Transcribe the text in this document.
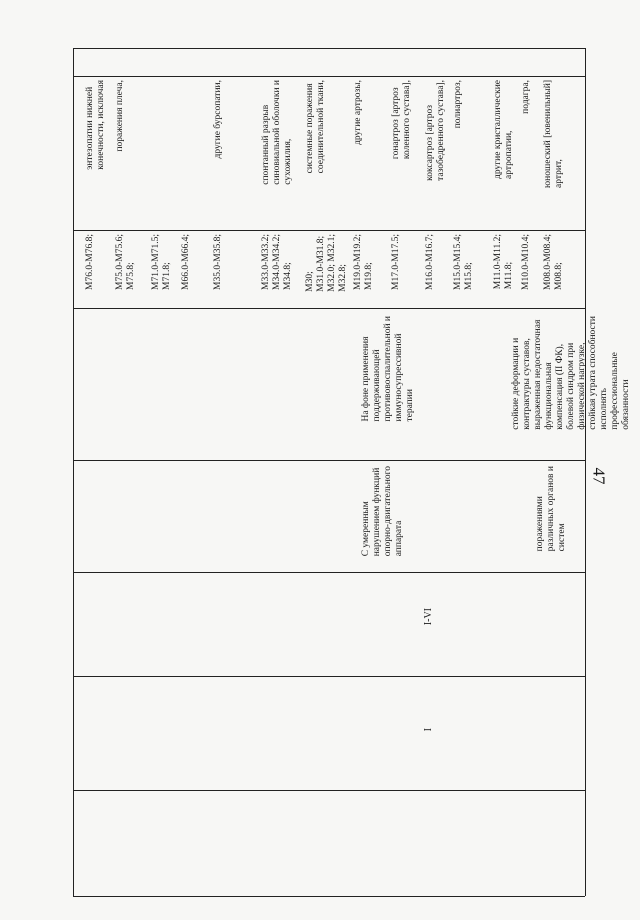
47
юношеский [ювенильный] артрит,
М08.0-М08.4; М08.8;
подагра,
М10.0-М10.4;
другие кристаллические артропатии,
М11.0-М11.2; М11.8;
полиартроз,
М15.0-М15.4; М15.8;
коксартроз [артроз тазобедренного сустава],
М16.0-М16.7;
гонартроз [артроз коленного сустава],
М17.0-М17.5;
другие артрозы,
М19.0-М19.2; М19.8;
системные поражения соединительной ткани,
М30; М31.0-М31.8; М32.0; М32.1; М32.8;
спонтанный разрыв синовиальной оболочки и сухожилия,
М33.0-М33.2; М34.0-М34.2; М34.8;
другие бурсопатии,
М35.0-М35.8;
М66.0-М66.4;
М71.0-М71.5; М71.8;
поражения плеча,
М75.0-М75.6; М75.8;
энтезопатии нижней конечности, исключая
М76.0-М76.8;
стойкие деформации и контрактуры суставов, выраженная недостаточная функциональная компенсация (II ФК), болевой синдром при физической нагрузке, стойкая утрата способности исполнять профессиональные обязанности
На фоне применения поддерживающей противовоспалительной и иммуносупрессивной терапии
поражениями различных органов и систем
С умеренным нарушением функций опорно-двигательного аппарата
I-VI
I
